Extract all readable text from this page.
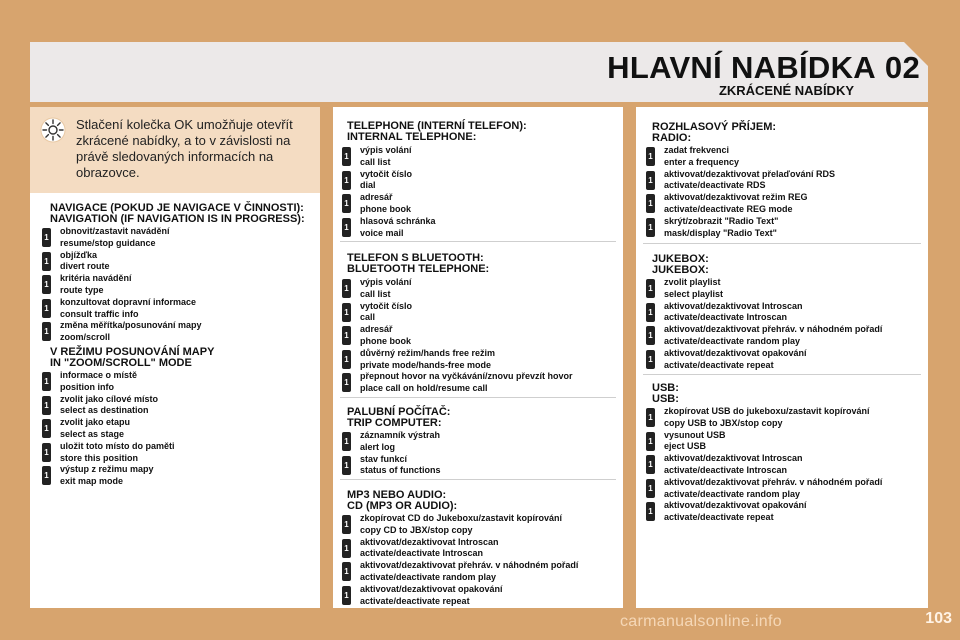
HLAVNÍ NABÍDKA 02
ZKRÁCENÉ NABÍDKY
Stlačení kolečka OK umožňuje otevřít zkrácené nabídky, a to v závislosti na právě sledovaných informacích na obrazovce.
NAVIGACE (POKUD JE NAVIGACE V ČINNOSTI):
NAVIGATION (IF NAVIGATION IS IN PROGRESS):
obnovit/zastavit navádění
resume/stop guidance
objížďka
divert route
kritéria navádění
route type
konzultovat dopravní informace
consult traffic info
změna měřítka/posunování mapy
zoom/scroll
V REŽIMU POSUNOVÁNÍ MAPY
IN "ZOOM/SCROLL" MODE
informace o místě
position info
zvolit jako cílové místo
select as destination
zvolit jako etapu
select as stage
uložit toto místo do paměti
store this position
výstup z režimu mapy
exit map mode
TELEPHONE (INTERNÍ TELEFON):
INTERNAL TELEPHONE:
výpis volání
call list
vytočit číslo
dial
adresář
phone book
hlasová schránka
voice mail
TELEFON S BLUETOOTH:
BLUETOOTH TELEPHONE:
výpis volání
call list
vytočit číslo
call
adresář
phone book
důvěrný režim/hands free režim
private mode/hands-free mode
přepnout hovor na vyčkávání/znovu převzít hovor
place call on hold/resume call
PALUBNÍ POČÍTAČ:
TRIP COMPUTER:
záznamník výstrah
alert log
stav funkcí
status of functions
MP3 NEBO AUDIO:
CD (MP3 OR AUDIO):
zkopírovat CD do Jukeboxu/zastavit kopírování
copy CD to JBX/stop copy
aktivovat/dezaktivovat Introscan
activate/deactivate Introscan
aktivovat/dezaktivovat přehráv. v náhodném pořadí
activate/deactivate random play
aktivovat/dezaktivovat opakování
activate/deactivate repeat
ROZHLASOVÝ PŘÍJEM:
RADIO:
zadat frekvenci
enter a frequency
aktivovat/dezaktivovat přelaďování RDS
activate/deactivate RDS
aktivovat/dezaktivovat režim REG
activate/deactivate REG mode
skrýt/zobrazit "Radio Text"
mask/display "Radio Text"
JUKEBOX:
JUKEBOX:
zvolit playlist
select playlist
aktivovat/dezaktivovat Introscan
activate/deactivate Introscan
aktivovat/dezaktivovat přehráv. v náhodném pořadí
activate/deactivate random play
aktivovat/dezaktivovat opakování
activate/deactivate repeat
USB:
USB:
zkopírovat USB do jukeboxu/zastavit kopírování
copy USB to JBX/stop copy
vysunout USB
eject USB
aktivovat/dezaktivovat Introscan
activate/deactivate Introscan
aktivovat/dezaktivovat přehráv. v náhodném pořadí
activate/deactivate random play
aktivovat/dezaktivovat opakování
activate/deactivate repeat
carmanualsonline.info	103
1
1
1
1
1
1
1
1
1
1
1
1
1
1
1
1
1
1
1
1
1
1
1
1
1
1
1
1
1
1
1
1
1
1
1
1
1
1
